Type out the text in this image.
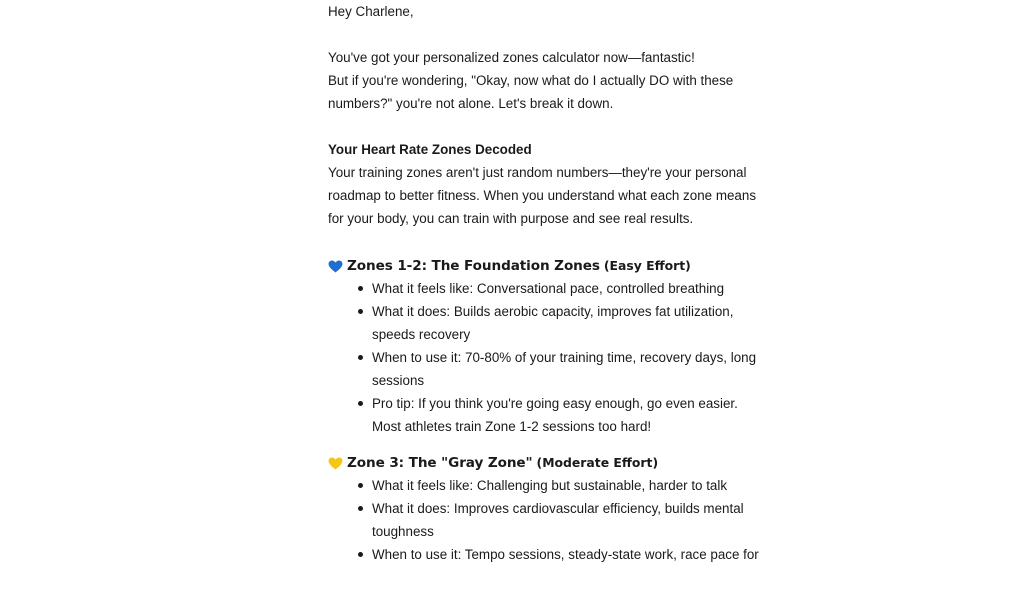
Hey Charlene,

You've got your personalized zones calculator now—fantastic!
But if you're wondering, "Okay, now what do I actually DO with these
numbers?" you're not alone. Let's break it down.

Your Heart Rate Zones Decoded

Your training zones aren't just random numbers—they're your personal
roadmap to better fitness. When you understand what each zone means
for your body, you can train with purpose and see real results.

Zones 1-2: The Foundation Zones (Easy Effort)
What it feels like: Conversational pace, controlled breathing
What it does: Builds aerobic capacity, improves fat utilization,
speeds recovery
When to use it: 70-80% of your training time, recovery days, long
sessions
Pro tip: If you think you're going easy enough, go even easier.
Most athletes train Zone 1-2 sessions too hard!
Zone 3: The "Gray Zone" (Moderate Effort)
What it feels like: Challenging but sustainable, harder to talk
What it does: Improves cardiovascular efficiency, builds mental
toughness
When to use it: Tempo sessions, steady-state work, race pace for
